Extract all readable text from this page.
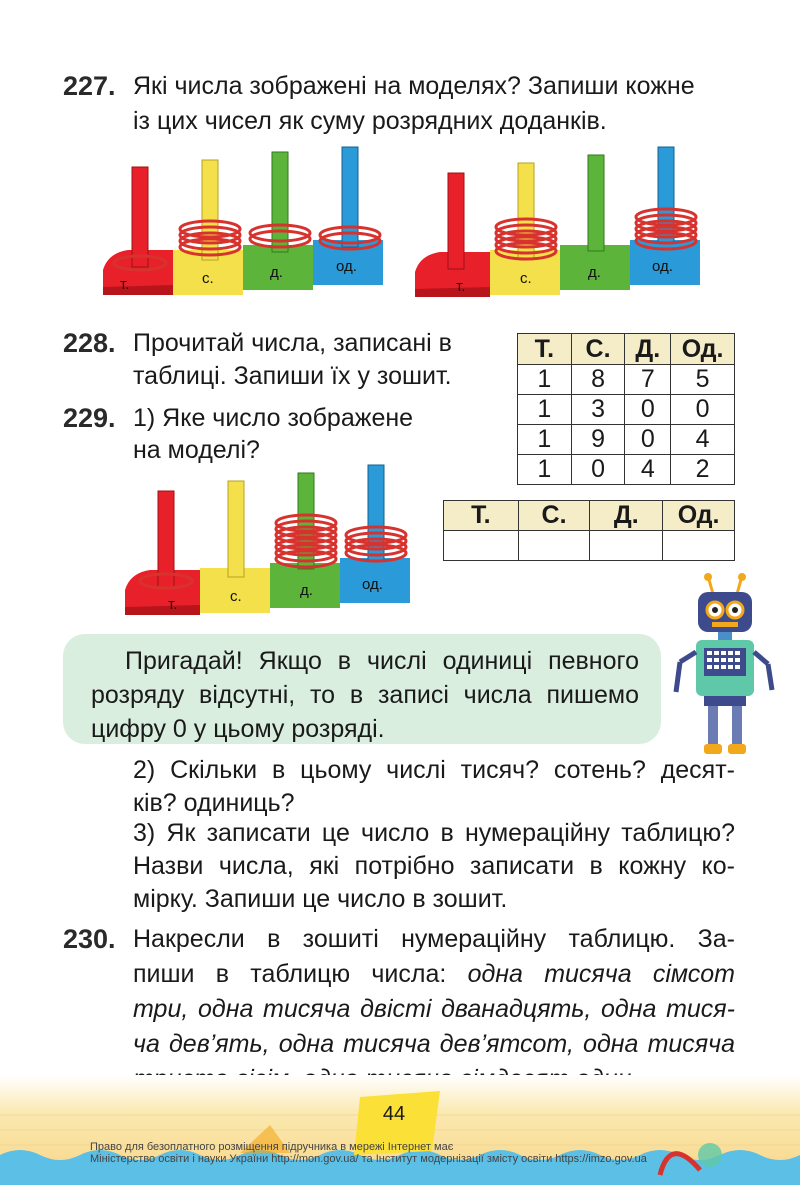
227. Які числа зображені на моделях? Запиши кожне
із цих чисел як суму розрядних доданків.
т.	с.	д.	од.
т.	с.	д.	од.
228. Прочитай числа, записані в
таблиці. Запиши їх у зошит.
Т.	С.	Д.	Од.
1	8	7	5
1	3	0	0
1	9	0	4
1	0	4	2
229. 1) Яке число зображене
на моделі?
т.	с.	д.	од.
Т.	С.	Д.	Од.

Пригадай! Якщо в числі одиниці певного
розряду відсутні, то в записі числа пишемо
цифру 0 у цьому розряді.
2) Скільки в цьому числі тисяч? сотень? десят-
ків? одиниць?
3) Як записати це число в нумераційну таблицю?
Назви числа, які потрібно записати в кожну ко-
мірку. Запиши це число в зошит.
230. Накресли в зошиті нумераційну таблицю. За-
пиши в таблицю числа: одна тисяча сімсот
три, одна тисяча двісті дванадцять, одна тися-
ча дев’ять, одна тисяча дев’ятсот, одна тисяча
44
Право для безоплатного розміщення підручника в мережі Інтернет має
Міністерство освіти і науки України http://mon.gov.ua/ та Інститут модернізації змісту освіти https://imzo.gov.ua
